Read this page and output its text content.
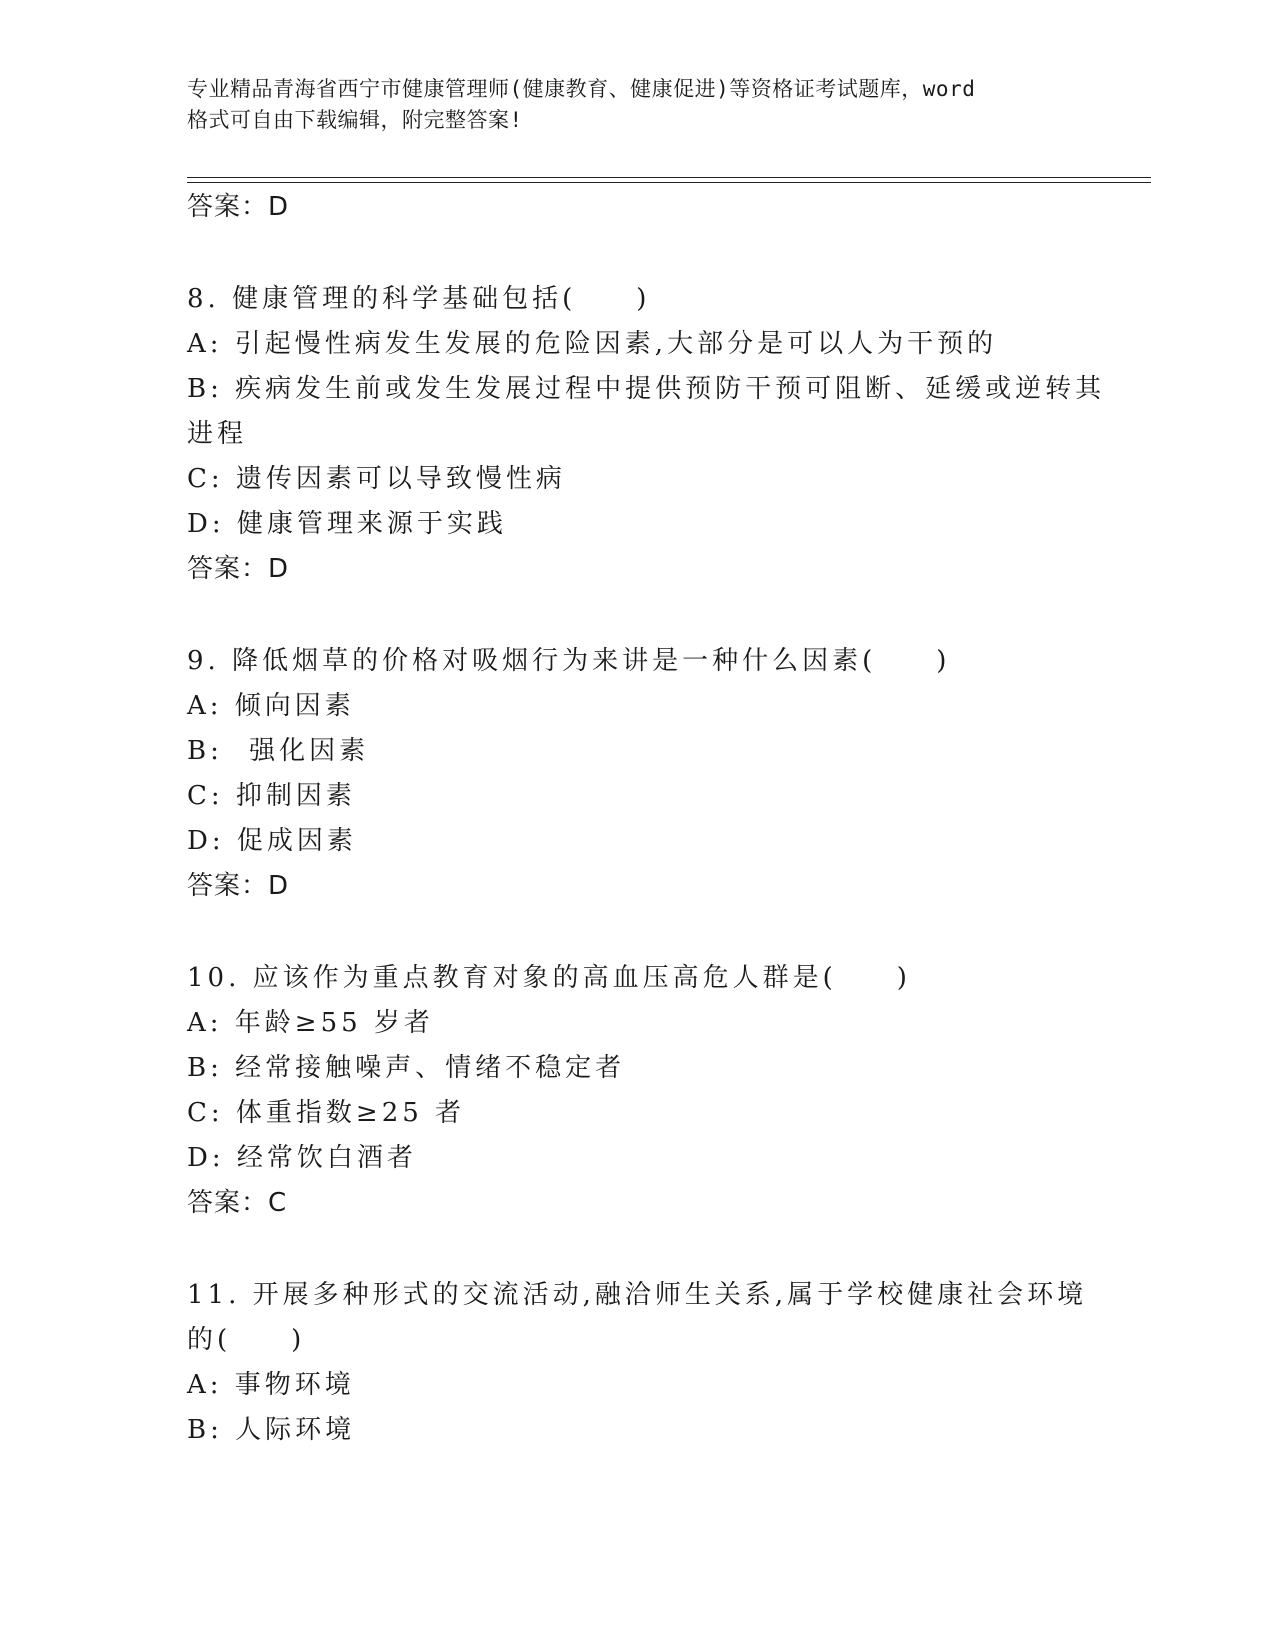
专业精品青海省西宁市健康管理师(健康教育、健康促进)等资格证考试题库，word
格式可自由下载编辑，附完整答案!
答案：D
8. 健康管理的科学基础包括(　　)
A: 引起慢性病发生发展的危险因素,大部分是可以人为干预的
B: 疾病发生前或发生发展过程中提供预防干预可阻断、延缓或逆转其
进程
C: 遗传因素可以导致慢性病
D: 健康管理来源于实践
答案：D
9. 降低烟草的价格对吸烟行为来讲是一种什么因素(　　)
A: 倾向因素
B: 强化因素
C: 抑制因素
D: 促成因素
答案：D
10. 应该作为重点教育对象的高血压高危人群是(　　)
A: 年龄≥55 岁者
B: 经常接触噪声、情绪不稳定者
C: 体重指数≥25 者
D: 经常饮白酒者
答案：C
11. 开展多种形式的交流活动,融洽师生关系,属于学校健康社会环境
的(　　)
A: 事物环境
B: 人际环境
